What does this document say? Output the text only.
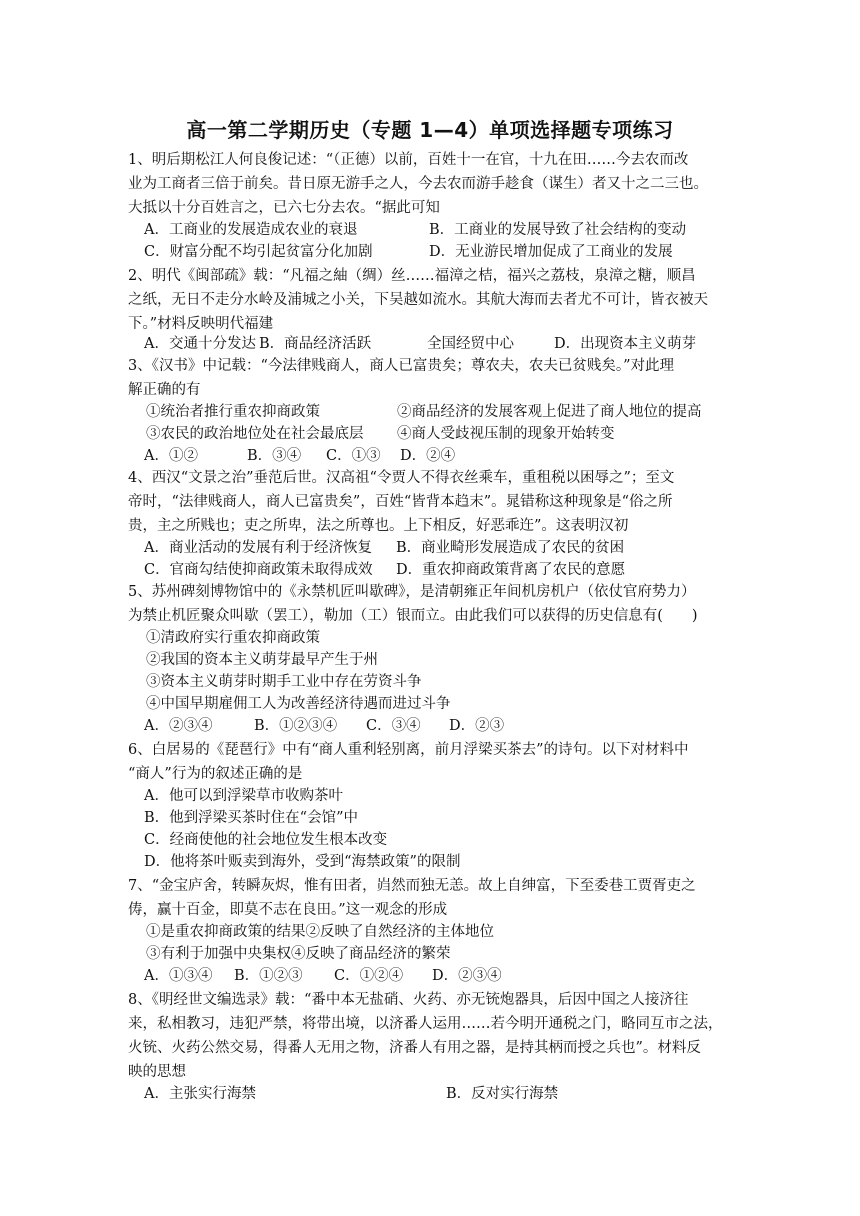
高一第二学期历史（专题 1—4）单项选择题专项练习
1、明后期松江人何良俊记述：“（正德）以前，百姓十一在官，十九在田……今去农而改
业为工商者三倍于前矣。昔日原无游手之人，今去农而游手趁食（谋生）者又十之二三也。
大抵以十分百姓言之，已六七分去农。“据此可知
A．工商业的发展造成农业的衰退	B．工商业的发展导致了社会结构的变动
C．财富分配不均引起贫富分化加剧	D．无业游民增加促成了工商业的发展
2、明代《闽部疏》载：“凡福之紬（绸）丝……福漳之桔，福兴之荔枝，泉漳之糖，顺昌
之纸，无日不走分水岭及浦城之小关，下吴越如流水。其航大海而去者尤不可计，皆衣被天
下。”材料反映明代福建
A．交通十分发达 B．商品经济活跃	全国经贸中心	D．出现资本主义萌芽
3、《汉书》中记载：“今法律贱商人，商人已富贵矣；尊农夫，农夫已贫贱矣。”对此理
解正确的有
①统治者推行重农抑商政策	②商品经济的发展客观上促进了商人地位的提高
③农民的政治地位处在社会最底层 ④商人受歧视压制的现象开始转变
A．①②	B．③④ C．①③ D．②④
4、西汉“文景之治”垂范后世。汉高祖“令贾人不得衣丝乘车，重租税以困辱之”；至文
帝时，“法律贱商人，商人已富贵矣”，百姓“皆背本趋末”。晁错称这种现象是“俗之所
贵，主之所贱也；吏之所卑，法之所尊也。上下相反，好恶乖迕”。这表明汉初
A．商业活动的发展有利于经济恢复 B．商业畸形发展造成了农民的贫困
C．官商勾结使抑商政策未取得成效 D．重农抑商政策背离了农民的意愿
5、苏州碑刻博物馆中的《永禁机匠叫歇碑》，是清朝雍正年间机房机户（依仗官府势力）
为禁止机匠聚众叫歇（罢工），勒加（工）银而立。由此我们可以获得的历史信息有(　　)
①清政府实行重农抑商政策
②我国的资本主义萌芽最早产生于州
③资本主义萌芽时期手工业中存在劳资斗争
④中国早期雇佣工人为改善经济待遇而进过斗争
A．②③④	B．①②③④ C．③④ D．②③
6、白居易的《琵琶行》中有“商人重利轻别离，前月浮梁买茶去”的诗句。以下对材料中
“商人”行为的叙述正确的是
A．他可以到浮梁草市收购茶叶
B．他到浮梁买茶时住在“会馆”中
C．经商使他的社会地位发生根本改变
D．他将茶叶贩卖到海外，受到“海禁政策”的限制
7、“金宝庐舍，转瞬灰烬，惟有田者，岿然而独无恙。故上自绅富，下至委巷工贾胥吏之
俦，赢十百金，即莫不志在良田。”这一观念的形成
①是重农抑商政策的结果②反映了自然经济的主体地位
③有利于加强中央集权④反映了商品经济的繁荣
A．①③④ B．①②③ C．①②④ D．②③④
8、《明经世文编选录》载：“番中本无盐硝、火药、亦无铳炮器具，后因中国之人接济往
来，私相教习，违犯严禁，将带出境，以济番人运用……若今明开通税之门，略同互市之法，
火铳、火药公然交易，得番人无用之物，济番人有用之器，是持其柄而授之兵也”。材料反
映的思想
A．主张实行海禁	B．反对实行海禁
